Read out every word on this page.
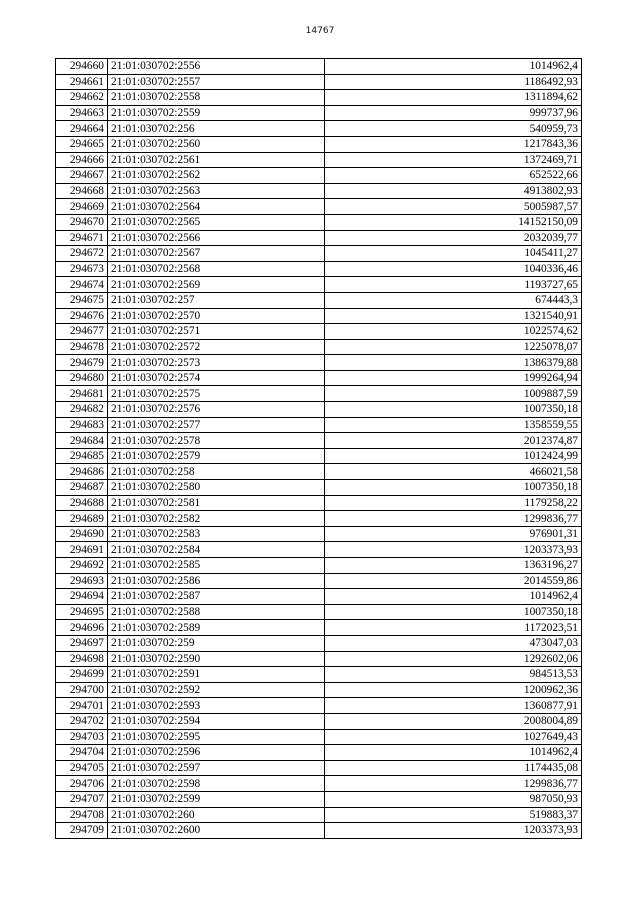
14767
294660	21:01:030702:2556	1014962,4
294661	21:01:030702:2557	1186492,93
294662	21:01:030702:2558	1311894,62
294663	21:01:030702:2559	999737,96
294664	21:01:030702:256	540959,73
294665	21:01:030702:2560	1217843,36
294666	21:01:030702:2561	1372469,71
294667	21:01:030702:2562	652522,66
294668	21:01:030702:2563	4913802,93
294669	21:01:030702:2564	5005987,57
294670	21:01:030702:2565	14152150,09
294671	21:01:030702:2566	2032039,77
294672	21:01:030702:2567	1045411,27
294673	21:01:030702:2568	1040336,46
294674	21:01:030702:2569	1193727,65
294675	21:01:030702:257	674443,3
294676	21:01:030702:2570	1321540,91
294677	21:01:030702:2571	1022574,62
294678	21:01:030702:2572	1225078,07
294679	21:01:030702:2573	1386379,88
294680	21:01:030702:2574	1999264,94
294681	21:01:030702:2575	1009887,59
294682	21:01:030702:2576	1007350,18
294683	21:01:030702:2577	1358559,55
294684	21:01:030702:2578	2012374,87
294685	21:01:030702:2579	1012424,99
294686	21:01:030702:258	466021,58
294687	21:01:030702:2580	1007350,18
294688	21:01:030702:2581	1179258,22
294689	21:01:030702:2582	1299836,77
294690	21:01:030702:2583	976901,31
294691	21:01:030702:2584	1203373,93
294692	21:01:030702:2585	1363196,27
294693	21:01:030702:2586	2014559,86
294694	21:01:030702:2587	1014962,4
294695	21:01:030702:2588	1007350,18
294696	21:01:030702:2589	1172023,51
294697	21:01:030702:259	473047,03
294698	21:01:030702:2590	1292602,06
294699	21:01:030702:2591	984513,53
294700	21:01:030702:2592	1200962,36
294701	21:01:030702:2593	1360877,91
294702	21:01:030702:2594	2008004,89
294703	21:01:030702:2595	1027649,43
294704	21:01:030702:2596	1014962,4
294705	21:01:030702:2597	1174435,08
294706	21:01:030702:2598	1299836,77
294707	21:01:030702:2599	987050,93
294708	21:01:030702:260	519883,37
294709	21:01:030702:2600	1203373,93
